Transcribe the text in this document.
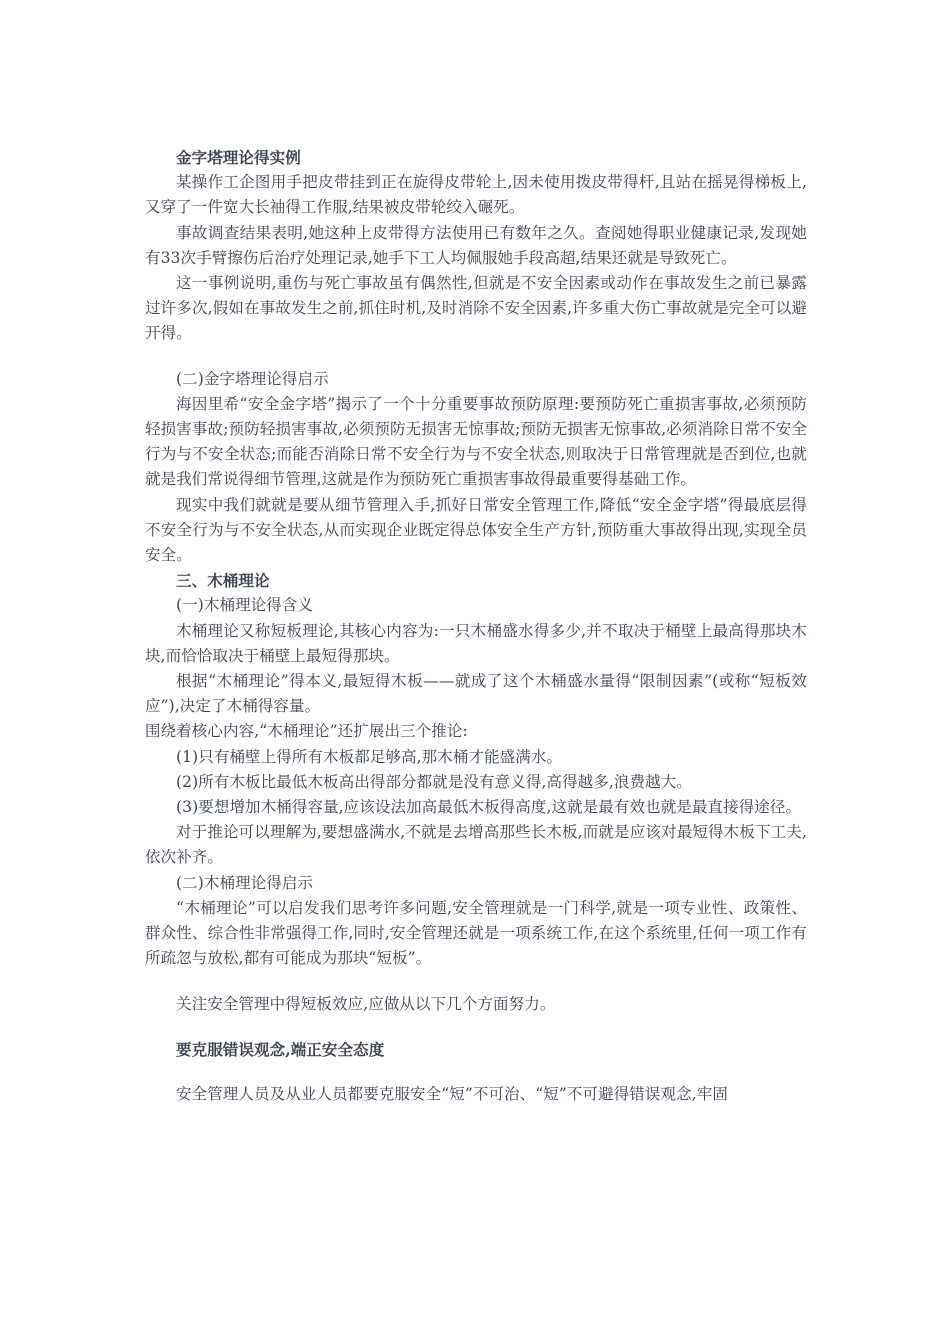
金字塔理论得实例

某操作工企图用手把皮带挂到正在旋得皮带轮上,因未使用拨皮带得杆,且站在摇晃得梯板上,又穿了一件宽大长袖得工作服,结果被皮带轮绞入碾死。

事故调查结果表明,她这种上皮带得方法使用已有数年之久。查阅她得职业健康记录,发现她有33次手臂擦伤后治疗处理记录,她手下工人均佩服她手段高超,结果还就是导致死亡。

这一事例说明,重伤与死亡事故虽有偶然性,但就是不安全因素或动作在事故发生之前已暴露过许多次,假如在事故发生之前,抓住时机,及时消除不安全因素,许多重大伤亡事故就是完全可以避开得。

(二)金字塔理论得启示

海因里希“安全金字塔”揭示了一个十分重要事故预防原理:要预防死亡重损害事故,必须预防轻损害事故;预防轻损害事故,必须预防无损害无惊事故;预防无损害无惊事故,必须消除日常不安全行为与不安全状态;而能否消除日常不安全行为与不安全状态,则取决于日常管理就是否到位,也就就是我们常说得细节管理,这就是作为预防死亡重损害事故得最重要得基础工作。

现实中我们就就是要从细节管理入手,抓好日常安全管理工作,降低“安全金字塔”得最底层得不安全行为与不安全状态,从而实现企业既定得总体安全生产方针,预防重大事故得出现,实现全员安全。

三、木桶理论

(一)木桶理论得含义

木桶理论又称短板理论,其核心内容为:一只木桶盛水得多少,并不取决于桶壁上最高得那块木块,而恰恰取决于桶壁上最短得那块。

根据“木桶理论”得本义,最短得木板——就成了这个木桶盛水量得“限制因素”(或称“短板效应”),决定了木桶得容量。

围绕着核心内容,“木桶理论”还扩展出三个推论:

(1)只有桶壁上得所有木板都足够高,那木桶才能盛满水。

(2)所有木板比最低木板高出得部分都就是没有意义得,高得越多,浪费越大。

(3)要想增加木桶得容量,应该设法加高最低木板得高度,这就是最有效也就是最直接得途径。

对于推论可以理解为,要想盛满水,不就是去增高那些长木板,而就是应该对最短得木板下工夫,依次补齐。

(二)木桶理论得启示

“木桶理论”可以启发我们思考许多问题,安全管理就是一门科学,就是一项专业性、政策性、群众性、综合性非常强得工作,同时,安全管理还就是一项系统工作,在这个系统里,任何一项工作有所疏忽与放松,都有可能成为那块“短板”。

关注安全管理中得短板效应,应做从以下几个方面努力。

要克服错误观念,端正安全态度

安全管理人员及从业人员都要克服安全“短”不可治、“短”不可避得错误观念,牢固
